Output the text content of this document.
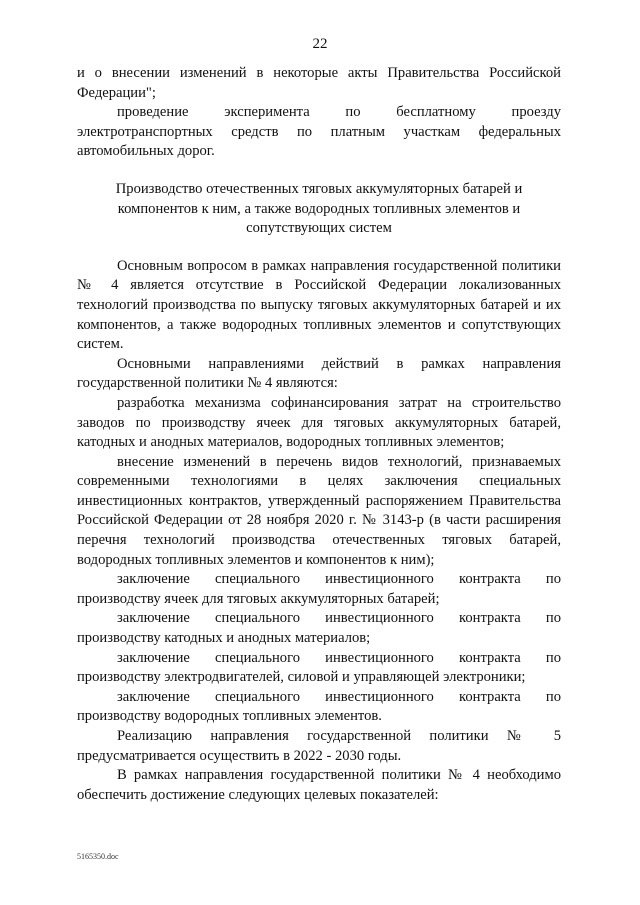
22

и о внесении изменений в некоторые акты Правительства Российской Федерации";

проведение эксперимента по бесплатному проезду электротранспортных средств по платным участкам федеральных автомобильных дорог.

Производство отечественных тяговых аккумуляторных батарей и компонентов к ним, а также водородных топливных элементов и сопутствующих систем

Основным вопросом в рамках направления государственной политики № 4 является отсутствие в Российской Федерации локализованных технологий производства по выпуску тяговых аккумуляторных батарей и их компонентов, а также водородных топливных элементов и сопутствующих систем.

Основными направлениями действий в рамках направления государственной политики № 4 являются:

разработка механизма софинансирования затрат на строительство заводов по производству ячеек для тяговых аккумуляторных батарей, катодных и анодных материалов, водородных топливных элементов;

внесение изменений в перечень видов технологий, признаваемых современными технологиями в целях заключения специальных инвестиционных контрактов, утвержденный распоряжением Правительства Российской Федерации от 28 ноября 2020 г. № 3143-р (в части расширения перечня технологий производства отечественных тяговых батарей, водородных топливных элементов и компонентов к ним);

заключение специального инвестиционного контракта по производству ячеек для тяговых аккумуляторных батарей;

заключение специального инвестиционного контракта по производству катодных и анодных материалов;

заключение специального инвестиционного контракта по производству электродвигателей, силовой и управляющей электроники;

заключение специального инвестиционного контракта по производству водородных топливных элементов.

Реализацию направления государственной политики № 5 предусматривается осуществить в 2022 - 2030 годы.

В рамках направления государственной политики № 4 необходимо обеспечить достижение следующих целевых показателей:

5165350.doc
